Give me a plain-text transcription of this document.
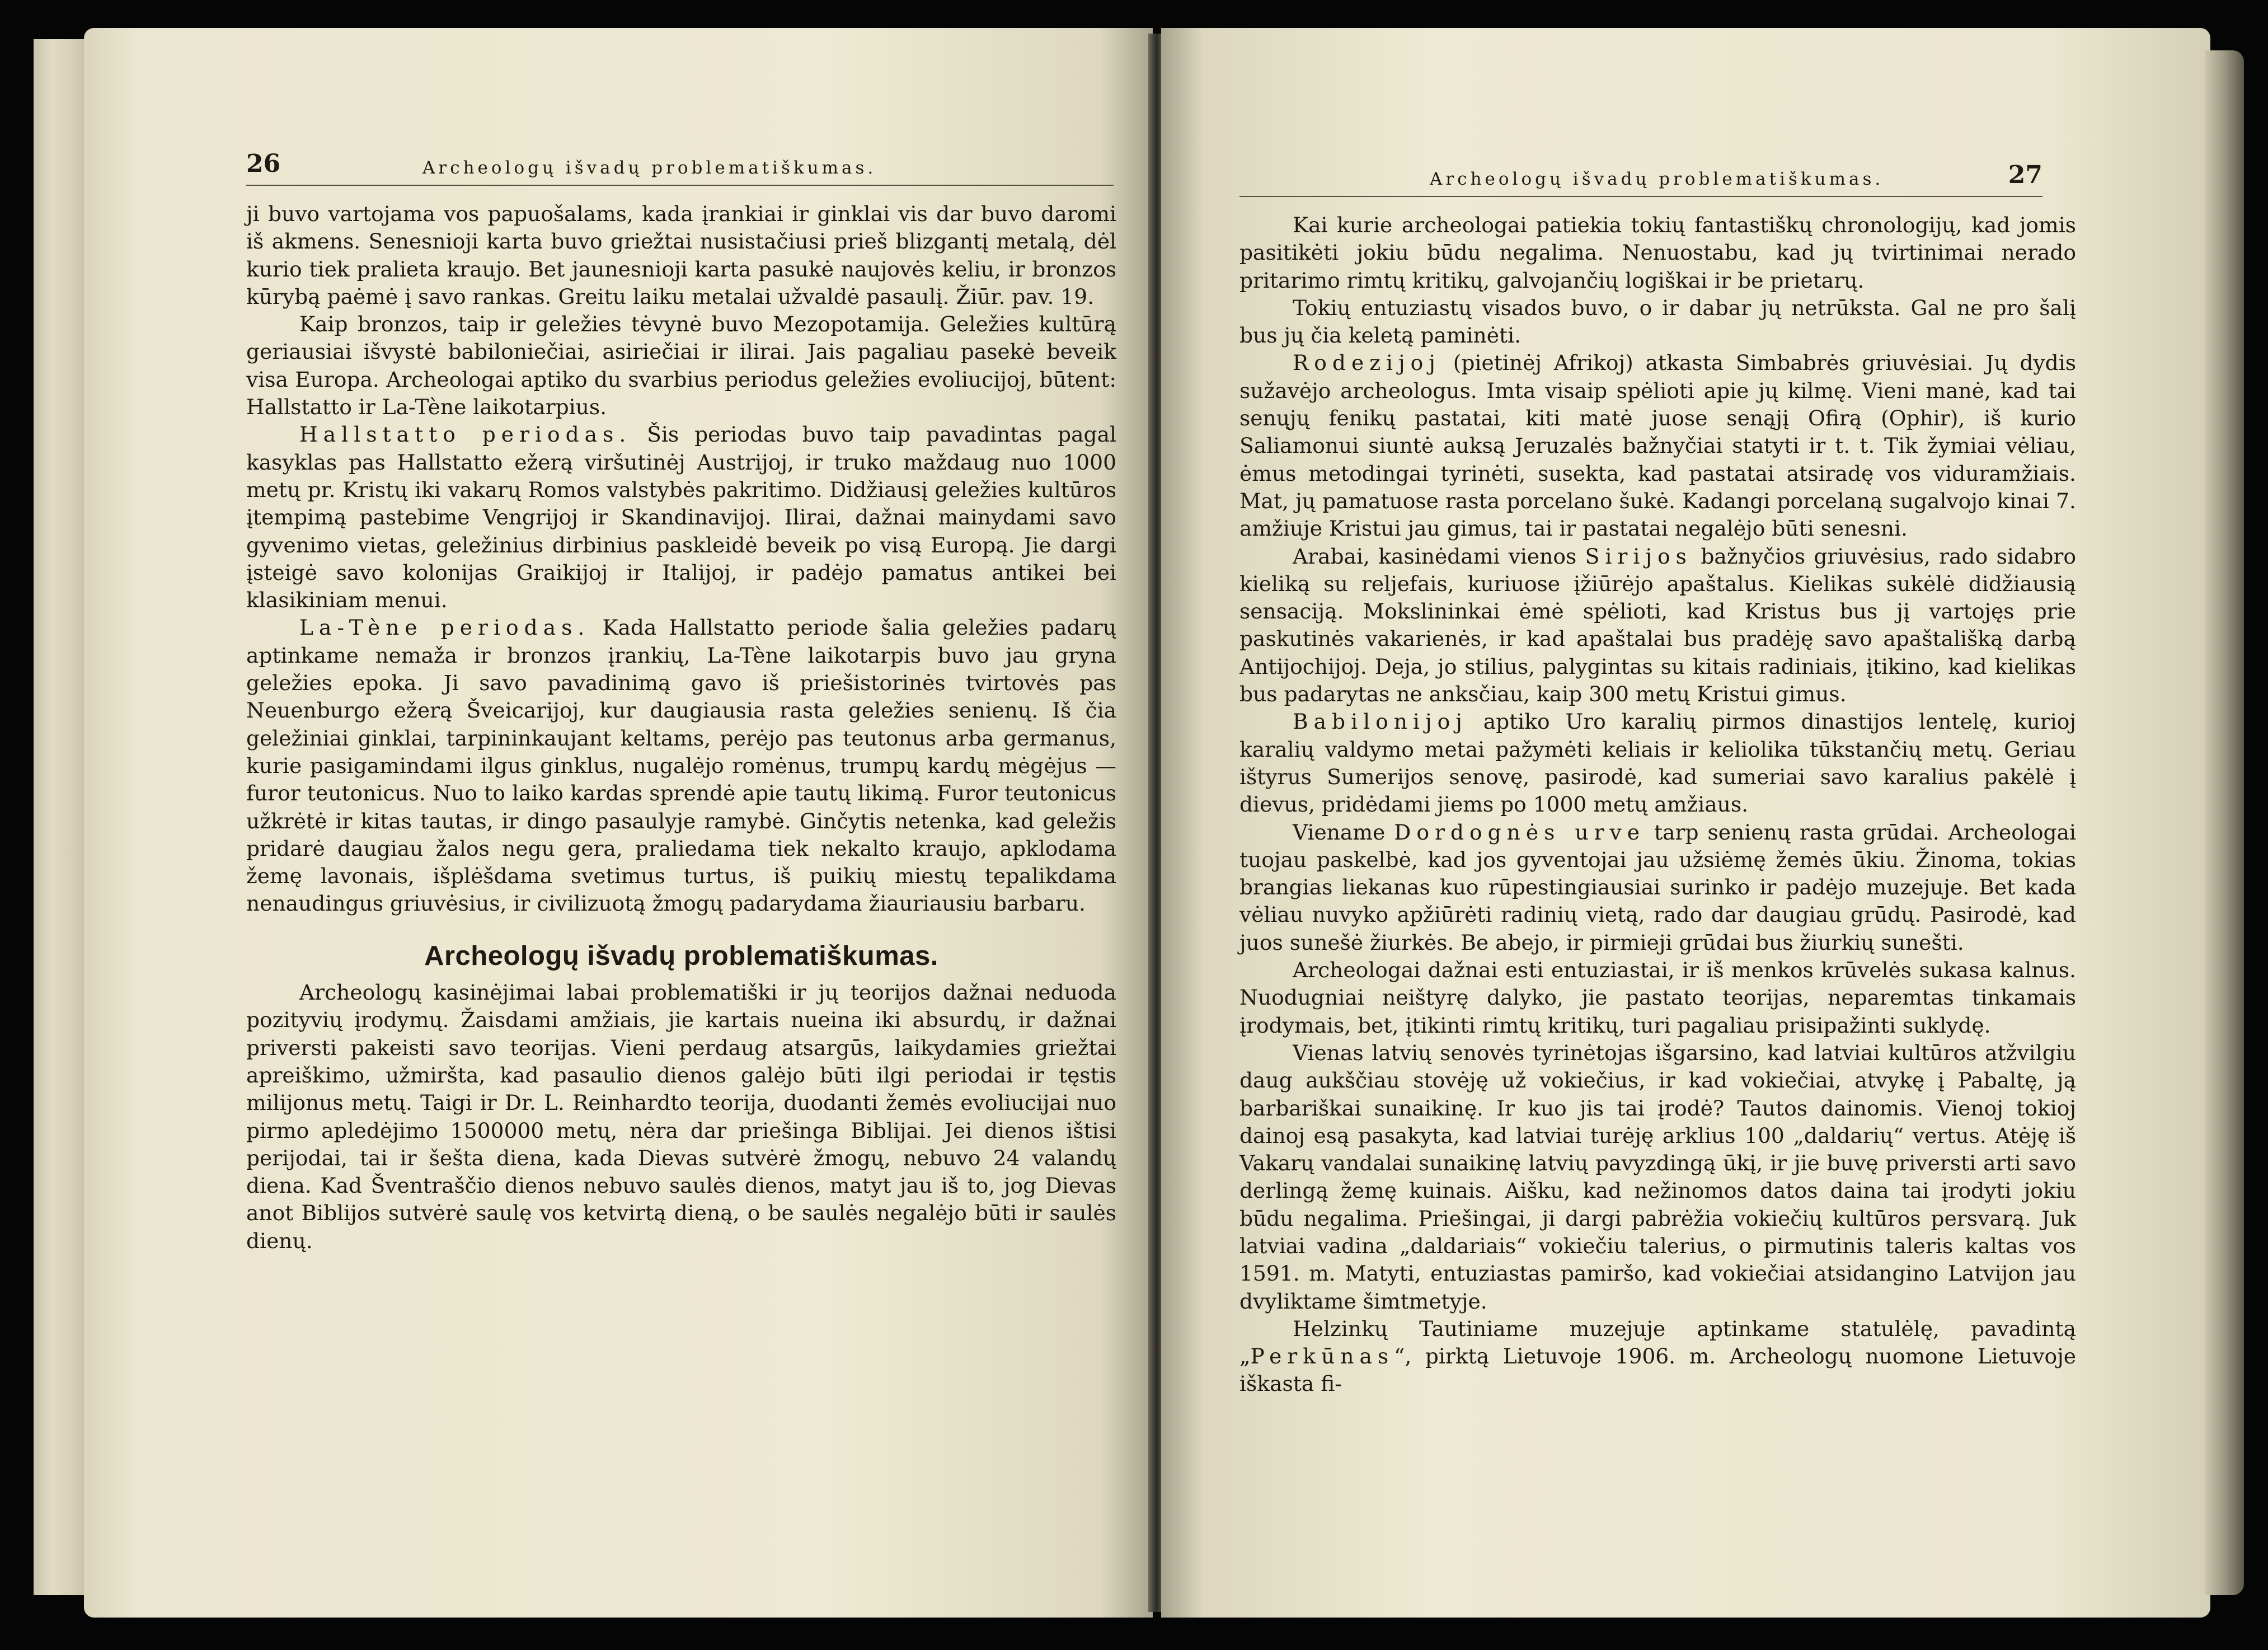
26	Archeologų išvadų problematiškumas.

ji buvo vartojama vos papuošalams, kada įrankiai ir ginklai vis dar buvo daromi iš akmens. Senesnioji karta buvo griežtai nusistačiusi prieš blizgantį metalą, dėl kurio tiek pralieta kraujo. Bet jaunesnioji karta pasukė naujovės keliu, ir bronzos kūrybą paėmė į savo rankas. Greitu laiku metalai užvaldė pasaulį. Žiūr. pav. 19.

Kaip bronzos, taip ir geležies tėvynė buvo Mezopotamija. Geležies kultūrą geriausiai išvystė babiloniečiai, asiriečiai ir ilirai. Jais pagaliau pasekė beveik visa Europa. Archeologai aptiko du svarbius periodus geležies evoliucijoj, būtent: Hallstatto ir La-Tène laikotarpius.

Hallstatto periodas. Šis periodas buvo taip pavadintas pagal kasyklas pas Hallstatto ežerą viršutinėj Austrijoj, ir truko maždaug nuo 1000 metų pr. Kristų iki vakarų Romos valstybės pakritimo. Didžiausį geležies kultūros įtempimą pastebime Vengrijoj ir Skandinavijoj. Ilirai, dažnai mainydami savo gyvenimo vietas, geležinius dirbinius paskleidė beveik po visą Europą. Jie dargi įsteigė savo kolonijas Graikijoj ir Italijoj, ir padėjo pamatus antikei bei klasikiniam menui.

La-Tène periodas. Kada Hallstatto periode šalia geležies padarų aptinkame nemaža ir bronzos įrankių, La-Tène laikotarpis buvo jau gryna geležies epoka. Ji savo pavadinimą gavo iš priešistorinės tvirtovės pas Neuenburgo ežerą Šveicarijoj, kur daugiausia rasta geležies senienų. Iš čia geležiniai ginklai, tarpininkaujant keltams, perėjo pas teutonus arba germanus, kurie pasigamindami ilgus ginklus, nugalėjo romėnus, trumpų kardų mėgėjus — furor teutonicus. Nuo to laiko kardas sprendė apie tautų likimą. Furor teutonicus užkrėtė ir kitas tautas, ir dingo pasaulyje ramybė. Ginčytis netenka, kad geležis pridarė daugiau žalos negu gera, praliedama tiek nekalto kraujo, apklodama žemę lavonais, išplėšdama svetimus turtus, iš puikių miestų tepalikdama nenaudingus griuvėsius, ir civilizuotą žmogų padarydama žiauriausiu barbaru.

Archeologų išvadų problematiškumas.

Archeologų kasinėjimai labai problematiški ir jų teorijos dažnai neduoda pozityvių įrodymų. Žaisdami amžiais, jie kartais nueina iki absurdų, ir dažnai priversti pakeisti savo teorijas. Vieni perdaug atsargūs, laikydamies griežtai apreiškimo, užmiršta, kad pasaulio dienos galėjo būti ilgi periodai ir tęstis milijonus metų. Taigi ir Dr. L. Reinhardto teorija, duodanti žemės evoliucijai nuo pirmo apledėjimo 1500000 metų, nėra dar priešinga Biblijai. Jei dienos ištisi perijodai, tai ir šešta diena, kada Dievas sutvėrė žmogų, nebuvo 24 valandų diena. Kad Šventraščio dienos nebuvo saulės dienos, matyt jau iš to, jog Dievas anot Biblijos sutvėrė saulę vos ketvirtą dieną, o be saulės negalėjo būti ir saulės dienų.

Archeologų išvadų problematiškumas.	27

Kai kurie archeologai patiekia tokių fantastiškų chronologijų, kad jomis pasitikėti jokiu būdu negalima. Nenuostabu, kad jų tvirtinimai nerado pritarimo rimtų kritikų, galvojančių logiškai ir be prietarų.

Tokių entuziastų visados buvo, o ir dabar jų netrūksta. Gal ne pro šalį bus jų čia keletą paminėti.

Rodezijoj (pietinėj Afrikoj) atkasta Simbabrės griuvėsiai. Jų dydis sužavėjo archeologus. Imta visaip spėlioti apie jų kilmę. Vieni manė, kad tai senųjų fenikų pastatai, kiti matė juose senąjį Ofirą (Ophir), iš kurio Saliamonui siuntė auksą Jeruzalės bažnyčiai statyti ir t. t. Tik žymiai vėliau, ėmus metodingai tyrinėti, susekta, kad pastatai atsiradę vos viduramžiais. Mat, jų pamatuose rasta porcelano šukė. Kadangi porcelaną sugalvojo kinai 7. amžiuje Kristui jau gimus, tai ir pastatai negalėjo būti senesni.

Arabai, kasinėdami vienos Sirijos bažnyčios griuvėsius, rado sidabro kieliką su reljefais, kuriuose įžiūrėjo apaštalus. Kielikas sukėlė didžiausią sensaciją. Mokslininkai ėmė spėlioti, kad Kristus bus jį vartojęs prie paskutinės vakarienės, ir kad apaštalai bus pradėję savo apaštališką darbą Antijochijoj. Deja, jo stilius, palygintas su kitais radiniais, įtikino, kad kielikas bus padarytas ne anksčiau, kaip 300 metų Kristui gimus.

Babilonijoj aptiko Uro karalių pirmos dinastijos lentelę, kurioj karalių valdymo metai pažymėti keliais ir keliolika tūkstančių metų. Geriau ištyrus Sumerijos senovę, pasirodė, kad sumeriai savo karalius pakėlė į dievus, pridėdami jiems po 1000 metų amžiaus.

Viename Dordognės urve tarp senienų rasta grūdai. Archeologai tuojau paskelbė, kad jos gyventojai jau užsiėmę žemės ūkiu. Žinoma, tokias brangias liekanas kuo rūpestingiausiai surinko ir padėjo muzejuje. Bet kada vėliau nuvyko apžiūrėti radinių vietą, rado dar daugiau grūdų. Pasirodė, kad juos sunešė žiurkės. Be abejo, ir pirmieji grūdai bus žiurkių sunešti.

Archeologai dažnai esti entuziastai, ir iš menkos krūvelės sukasa kalnus. Nuodugniai neištyrę dalyko, jie pastato teorijas, neparemtas tinkamais įrodymais, bet, įtikinti rimtų kritikų, turi pagaliau prisipažinti suklydę.

Vienas latvių senovės tyrinėtojas išgarsino, kad latviai kultūros atžvilgiu daug aukščiau stovėję už vokiečius, ir kad vokiečiai, atvykę į Pabaltę, ją barbariškai sunaikinę. Ir kuo jis tai įrodė? Tautos dainomis. Vienoj tokioj dainoj esą pasakyta, kad latviai turėję arklius 100 „daldarių“ vertus. Atėję iš Vakarų vandalai sunaikinę latvių pavyzdingą ūkį, ir jie buvę priversti arti savo derlingą žemę kuinais. Aišku, kad nežinomos datos daina tai įrodyti jokiu būdu negalima. Priešingai, ji dargi pabrėžia vokiečių kultūros persvarą. Juk latviai vadina „daldariais“ vokiečiu talerius, o pirmutinis taleris kaltas vos 1591. m. Matyti, entuziastas pamiršo, kad vokiečiai atsidangino Latvijon jau dvyliktame šimtmetyje.

Helzinkų Tautiniame muzejuje aptinkame statulėlę, pavadintą „Perkūnas“, pirktą Lietuvoje 1906. m. Archeologų nuomone Lietuvoje iškasta fi-
